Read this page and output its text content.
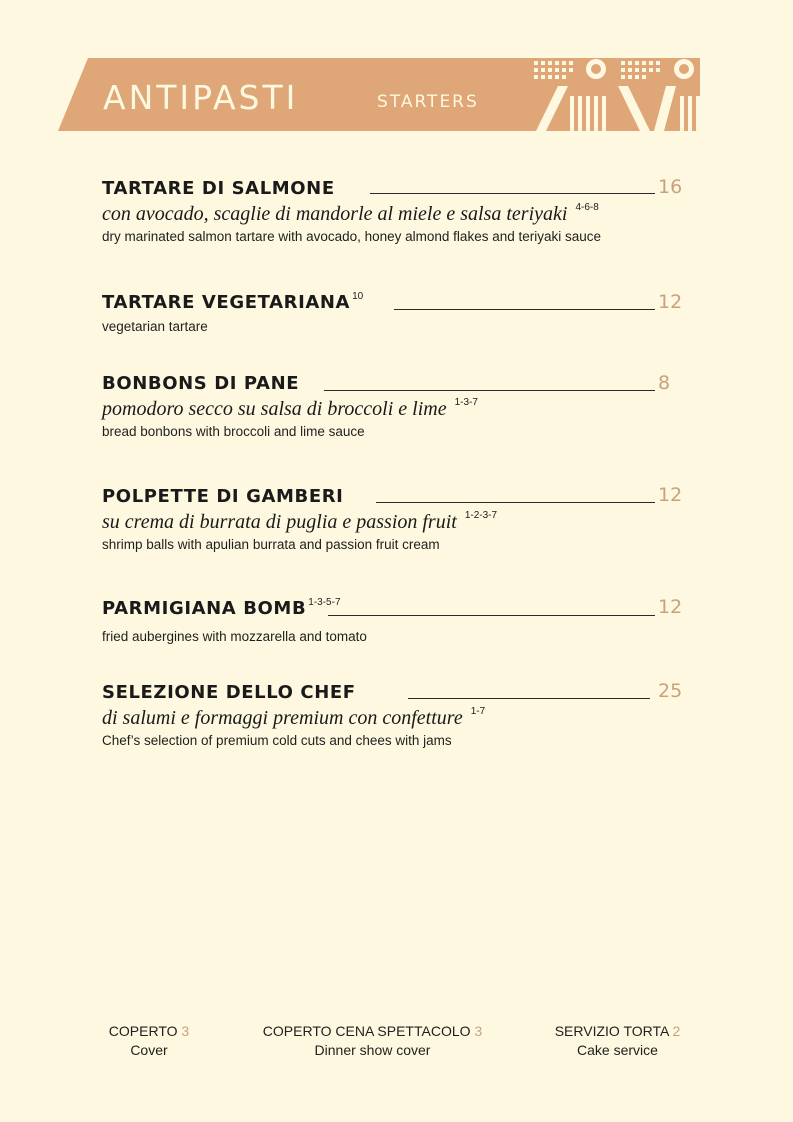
ANTIPASTI	STARTERS
TARTARE DI SALMONE	16
con avocado, scaglie di mandorle al miele e salsa teriyaki $^{4-6-8}$
dry marinated salmon tartare with avocado, honey almond flakes and teriyaki sauce
TARTARE VEGETARIANA $^{10}$	12
vegetarian tartare
BONBONS DI PANE	8
pomodoro secco su salsa di broccoli e lime $^{1-3-7}$
bread bonbons with broccoli and lime sauce
POLPETTE DI GAMBERI	12
su crema di burrata di puglia e passion fruit $^{1-2-3-7}$
shrimp balls with apulian burrata and passion fruit cream
PARMIGIANA BOMB $^{1-3-5-7}$	12
fried aubergines with mozzarella and tomato
SELEZIONE DELLO CHEF	25
di salumi e formaggi premium con confetture $^{1-7}$
Chef’s selection of premium cold cuts and chees with jams
COPERTO 3
Cover
COPERTO CENA SPETTACOLO 3
Dinner show cover
SERVIZIO TORTA 2
Cake service
